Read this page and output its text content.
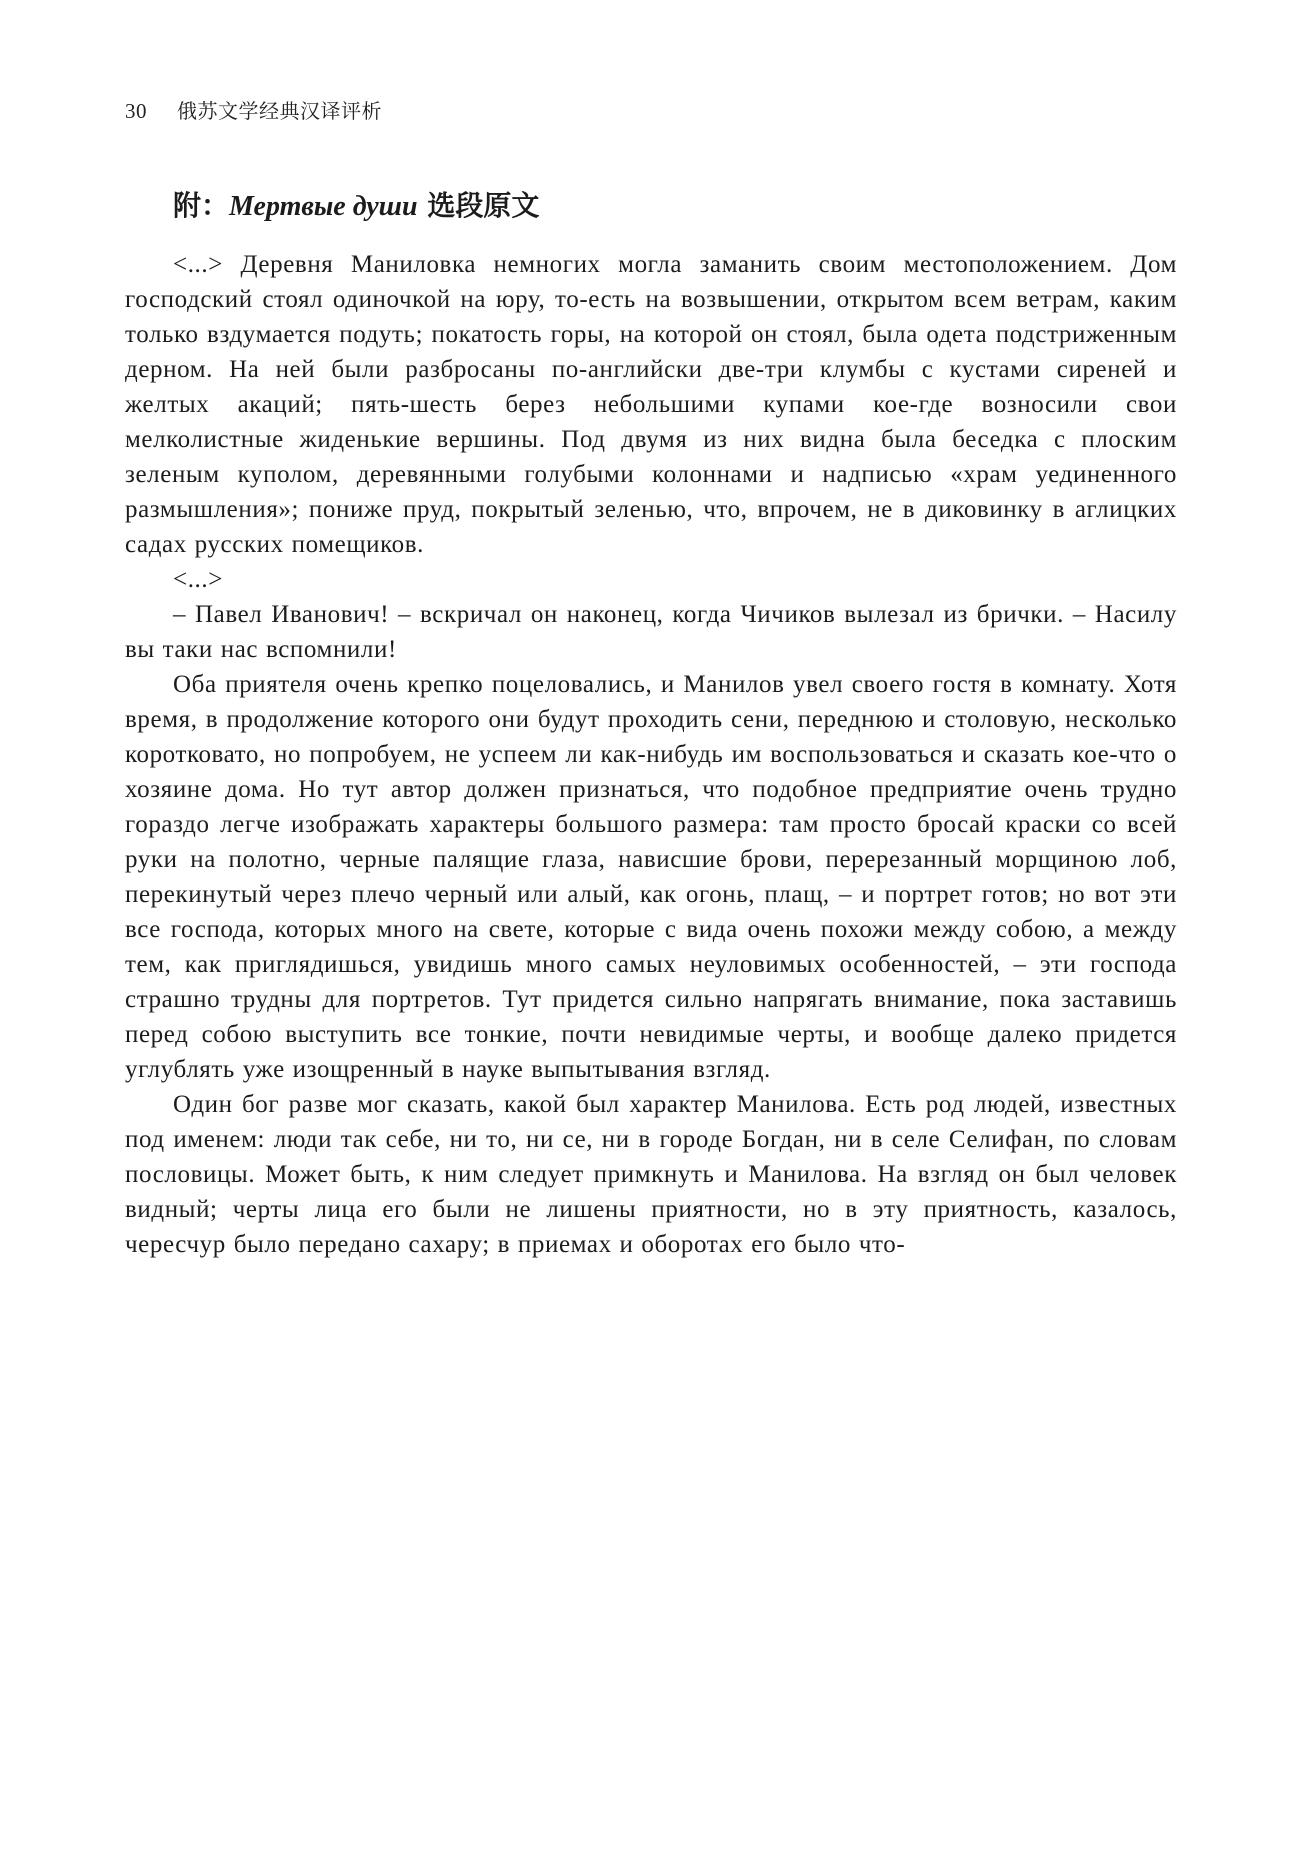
30 俄苏文学经典汉译评析
附：Мертвые души 选段原文

<...> Деревня Маниловка немногих могла заманить своим местоположением. Дом господский стоял одиночкой на юру, то-есть на возвышении, открытом всем ветрам, каким только вздумается подуть; покатость горы, на которой он стоял, была одета подстриженным дерном. На ней были разбросаны по-английски две-три клумбы с кустами сиреней и желтых акаций; пять-шесть берез небольшими купами кое-где возносили свои мелколистные жиденькие вершины. Под двумя из них видна была беседка с плоским зеленым куполом, деревянными голубыми колоннами и надписью «храм уединенного размышления»; пониже пруд, покрытый зеленью, что, впрочем, не в диковинку в аглицких садах русских помещиков.

<...>

– Павел Иванович! – вскричал он наконец, когда Чичиков вылезал из брички. – Насилу вы таки нас вспомнили!

Оба приятеля очень крепко поцеловались, и Манилов увел своего гостя в комнату. Хотя время, в продолжение которого они будут проходить сени, переднюю и столовую, несколько коротковато, но попробуем, не успеем ли как-нибудь им воспользоваться и сказать кое-что о хозяине дома. Но тут автор должен признаться, что подобное предприятие очень трудно гораздо легче изображать характеры большого размера: там просто бросай краски со всей руки на полотно, черные палящие глаза, нависшие брови, перерезанный морщиною лоб, перекинутый через плечо черный или алый, как огонь, плащ, – и портрет готов; но вот эти все господа, которых много на свете, которые с вида очень похожи между собою, а между тем, как приглядишься, увидишь много самых неуловимых особенностей, – эти господа страшно трудны для портретов. Тут придется сильно напрягать внимание, пока заставишь перед собою выступить все тонкие, почти невидимые черты, и вообще далеко придется углублять уже изощренный в науке выпытывания взгляд.

Один бог разве мог сказать, какой был характер Манилова. Есть род людей, известных под именем: люди так себе, ни то, ни се, ни в городе Богдан, ни в селе Селифан, по словам пословицы. Может быть, к ним следует примкнуть и Манилова. На взгляд он был человек видный; черты лица его были не лишены приятности, но в эту приятность, казалось, чересчур было передано сахару; в приемах и оборотах его было что-
